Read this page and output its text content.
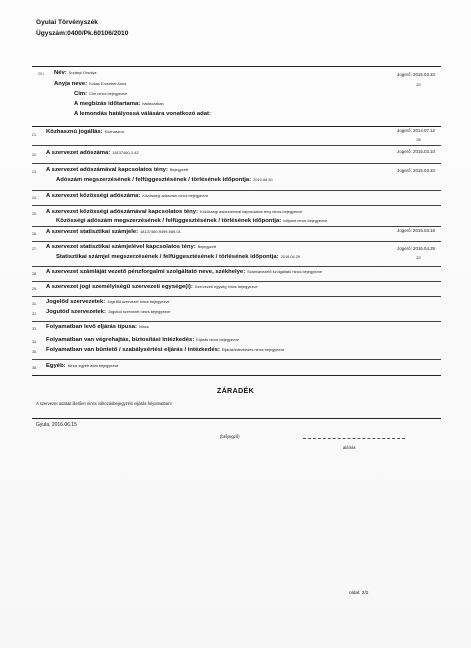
Gyulai Törvényszék
Ügyszám:0400/Pk.60106/2010
20./ Név: Surányi Orsolya
Anyja neve: Kokas Erzsébet Anna
Cím: Cím nincs bejegyezve
A megbízás időtartama: határozatlan
A lemondás hatályossá válására vonatkozó adat:
Jogerő: 2015.03.10
32/
21. Közhasznú jogállás: Közhasznú	Jogerő: 2014.07.12
28/
22. A szervezet adószáma: 18137460-1-42	Jogerő: 2015.03.10
23. A szervezet adószámával kapcsolatos tény: Bejegyzett
Adószám megszerzésének / felfüggesztésének / törlésének időpontja: 2010.08.30
Jogerő: 2015.03.10
24. A szervezet közösségi adószáma: Közösségi adószám nincs bejegyezve
25. A szervezet közösségi adószámával kapcsolatos tény: Közösségi adószámmal kapcsolatos tény nincs bejegyezve
Közösségi adószám megszerzésének / felfüggesztésének / törlésének időpontja: Időpont nincs bejegyezve
26. A szervezet statisztikai számjele: 18137460-9499-569-01	Jogerő: 2015.03.18
27. A szervezet statisztikai számjelével kapcsolatos tény: Bejegyzett
Statisztikai számjel megszerzésének / felfüggesztésének / törlésének időpontja: 2016.04.29
Jogerő: 2016.04.29
32/
28. A szervezet számláját vezető pénzforgalmi szolgáltató neve, székhelye: Számlavezető szolgáltató nincs bejegyezve
29. A szervezet jogi személyiségű szervezeti egysége(i): Szervezeti egység nincs bejegyezve
31. Jogelőd szervezetek: Jogelőd szervezet nincs bejegyezve
32. Jogutód szervezetek: Jogutód szervezet nincs bejegyezve
33. Folyamatban levő eljárás típusa: Nincs
34. Folyamatban van végrehajtás, biztosítási intézkedés: Eljárás nincs bejegyezve
35. Folyamatban van büntető / szabálysértési eljárás / intézkedés: Eljárás/intézkedés nincs bejegyezve
38. Egyéb: Nincs egyéb adat bejegyezve
ZÁRADÉK
A szervezet adatait illetően nincs változásbejegyzési eljárás folyamatban!
Gyula, 2016.06.15
(bélyegző)
aláírás
oldal: 2/2
